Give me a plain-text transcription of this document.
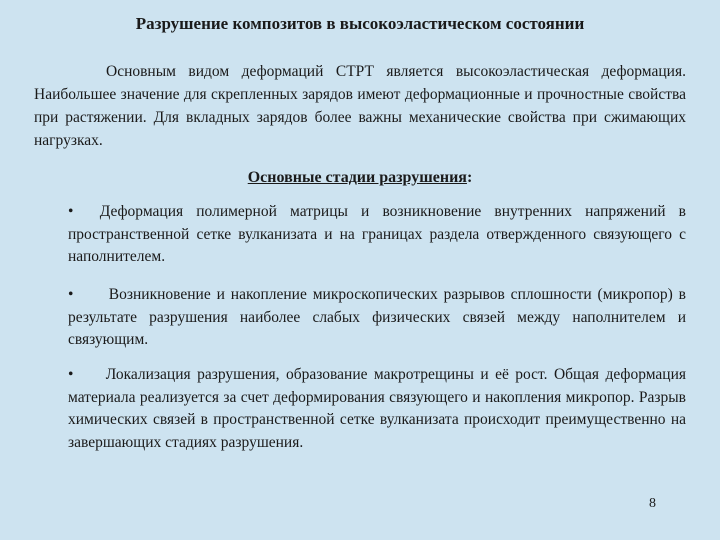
Разрушение композитов в высокоэластическом состоянии
Основным видом деформаций СТРТ является высокоэластическая деформация. Наибольшее значение для скрепленных зарядов имеют деформационные и прочностные свойства при растяжении. Для вкладных зарядов более важны механические свойства при сжимающих нагрузках.
Основные стадии разрушения:
• Деформация полимерной матрицы и возникновение внутренних напряжений в пространственной сетке вулканизата и на границах раздела отвержденного связующего с наполнителем.
• Возникновение и накопление микроскопических разрывов сплошности (микропор) в результате разрушения наиболее слабых физических связей между наполнителем и связующим.
• Локализация разрушения, образование макротрещины и её рост. Общая деформация материала реализуется за счет деформирования связующего и накопления микропор. Разрыв химических связей в пространственной сетке вулканизата происходит преимущественно на завершающих стадиях разрушения.
8
